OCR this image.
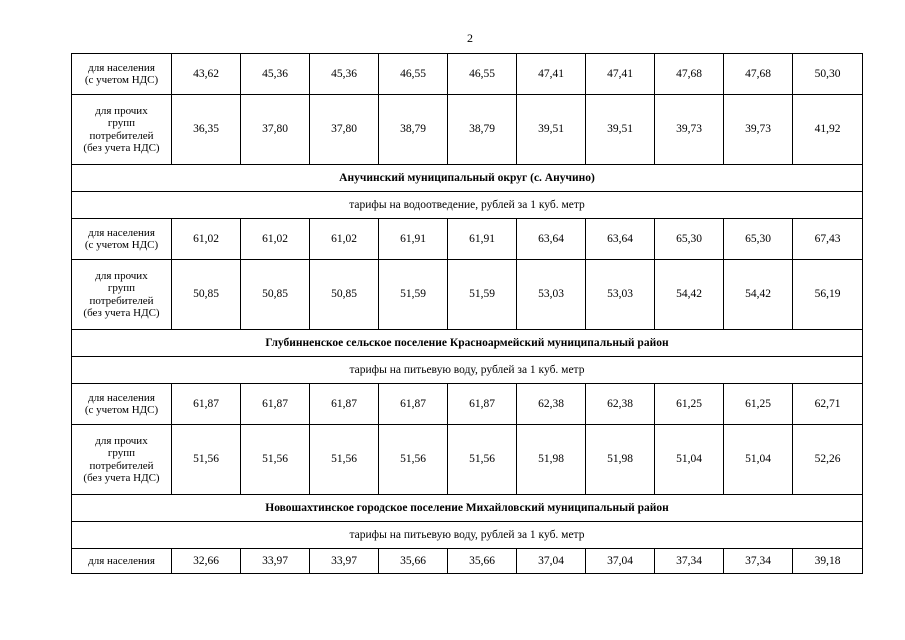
2
для населения
(с учетом НДС)	43,62	45,36	45,36	46,55	46,55	47,41	47,41	47,68	47,68	50,30
для прочих
групп
потребителей
(без учета НДС)	36,35	37,80	37,80	38,79	38,79	39,51	39,51	39,73	39,73	41,92
Анучинский муниципальный округ (с. Анучино)										
тарифы на водоотведение, рублей за 1 куб. метр										
для населения
(с учетом НДС)	61,02	61,02	61,02	61,91	61,91	63,64	63,64	65,30	65,30	67,43
для прочих
групп
потребителей
(без учета НДС)	50,85	50,85	50,85	51,59	51,59	53,03	53,03	54,42	54,42	56,19
Глубинненское сельское поселение Красноармейский муниципальный район										
тарифы на питьевую воду, рублей за 1 куб. метр										
для населения
(с учетом НДС)	61,87	61,87	61,87	61,87	61,87	62,38	62,38	61,25	61,25	62,71
для прочих
групп
потребителей
(без учета НДС)	51,56	51,56	51,56	51,56	51,56	51,98	51,98	51,04	51,04	52,26
Новошахтинское городское поселение Михайловский муниципальный район										
тарифы на питьевую воду, рублей за 1 куб. метр										
для населения	32,66	33,97	33,97	35,66	35,66	37,04	37,04	37,34	37,34	39,18
